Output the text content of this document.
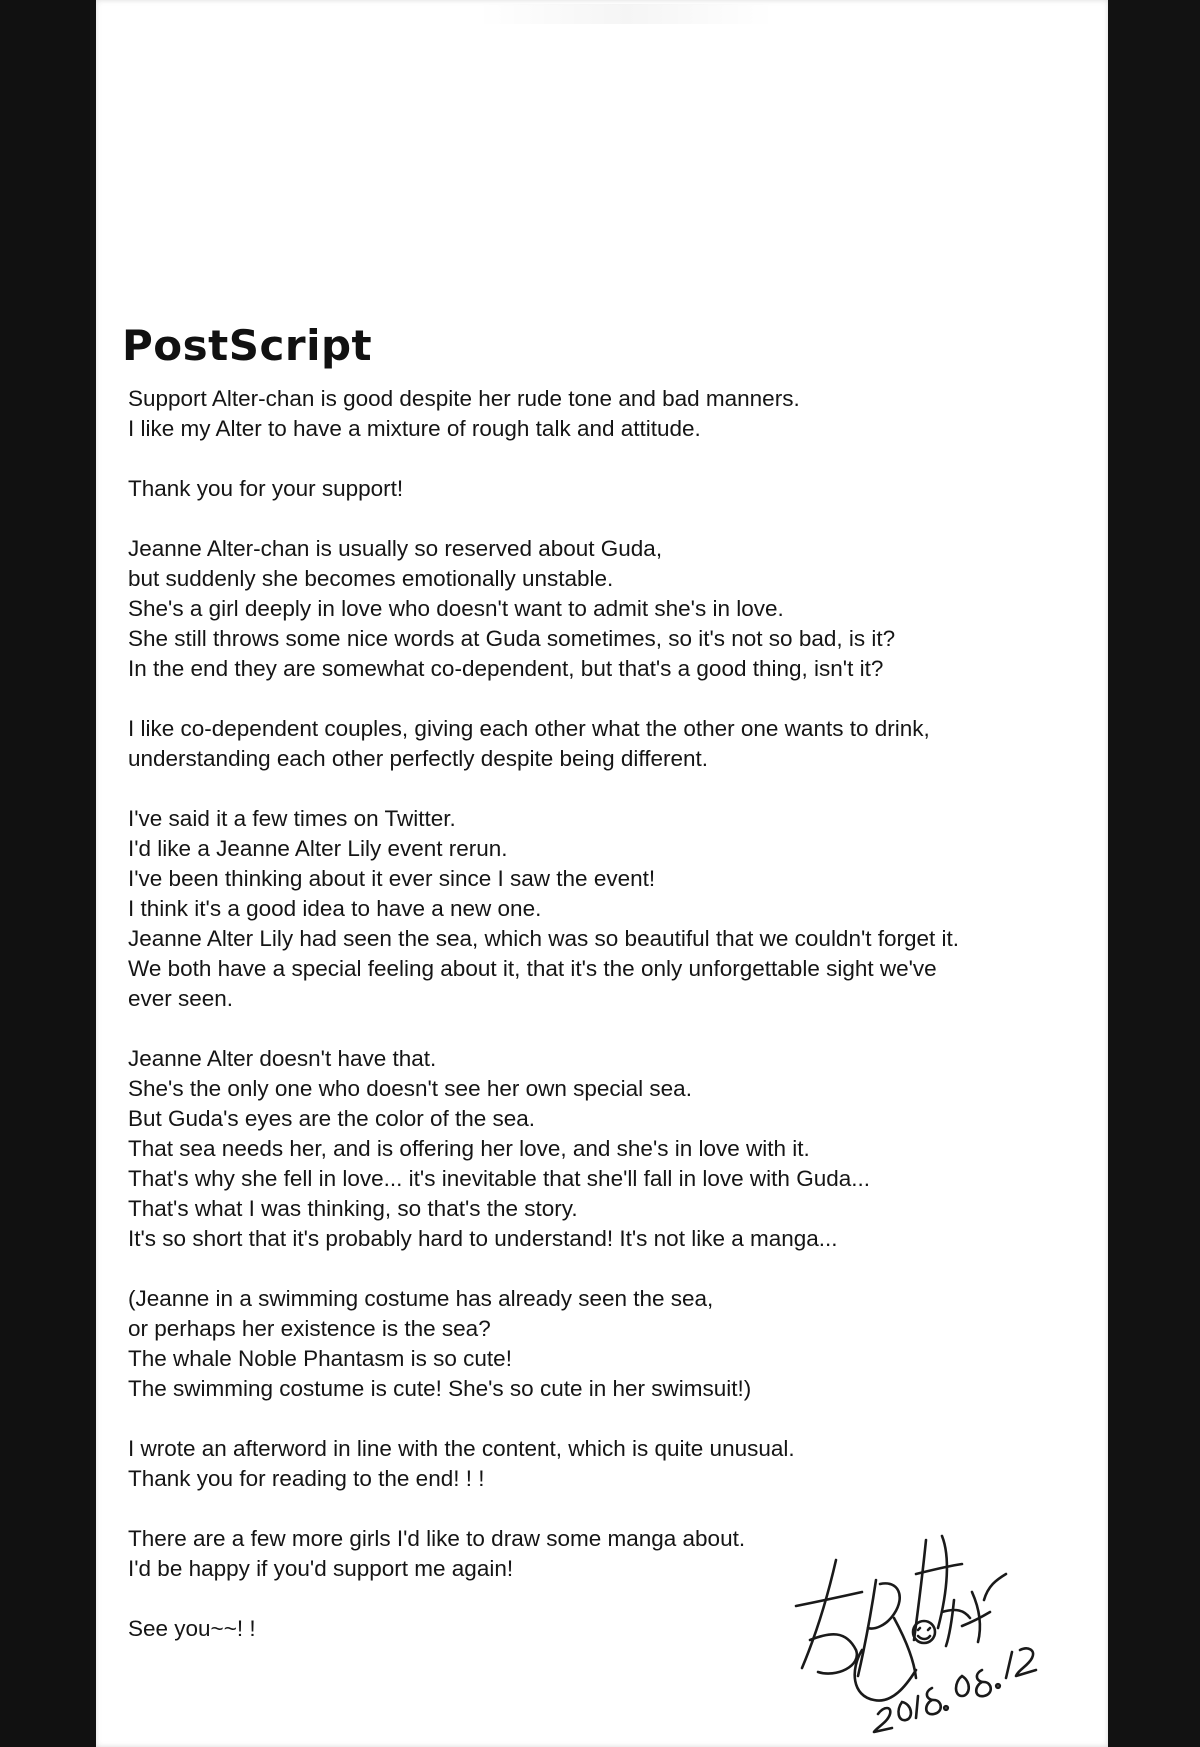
PostScript

Support Alter-chan is good despite her rude tone and bad manners.
I like my Alter to have a mixture of rough talk and attitude.

Thank you for your support!

Jeanne Alter-chan is usually so reserved about Guda,
but suddenly she becomes emotionally unstable.
She's a girl deeply in love who doesn't want to admit she's in love.
She still throws some nice words at Guda sometimes, so it's not so bad, is it?
In the end they are somewhat co-dependent, but that's a good thing, isn't it?

I like co-dependent couples, giving each other what the other one wants to drink,
understanding each other perfectly despite being different.

I've said it a few times on Twitter.
I'd like a Jeanne Alter Lily event rerun.
I've been thinking about it ever since I saw the event!
I think it's a good idea to have a new one.
Jeanne Alter Lily had seen the sea, which was so beautiful that we couldn't forget it.
We both have a special feeling about it, that it's the only unforgettable sight we've
ever seen.

Jeanne Alter doesn't have that.
She's the only one who doesn't see her own special sea.
But Guda's eyes are the color of the sea.
That sea needs her, and is offering her love, and she's in love with it.
That's why she fell in love... it's inevitable that she'll fall in love with Guda...
That's what I was thinking, so that's the story.
It's so short that it's probably hard to understand! It's not like a manga...

(Jeanne in a swimming costume has already seen the sea,
or perhaps her existence is the sea?
The whale Noble Phantasm is so cute!
The swimming costume is cute! She's so cute in her swimsuit!)

I wrote an afterword in line with the content, which is quite unusual.
Thank you for reading to the end! ! !

There are a few more girls I'd like to draw some manga about.
I'd be happy if you'd support me again!

See you~~! !
